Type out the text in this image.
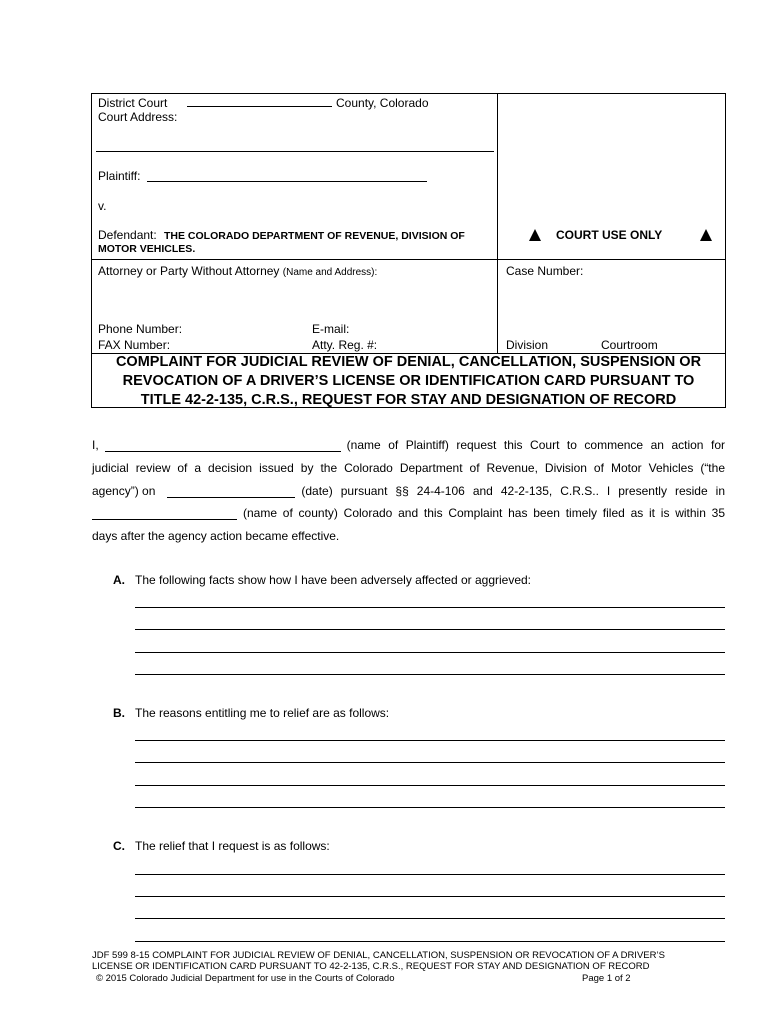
District Court	County, Colorado
Court Address:
Plaintiff:
v.
Defendant: THE COLORADO DEPARTMENT OF REVENUE, DIVISION OF
MOTOR VEHICLES.
COURT USE ONLY
Attorney or Party Without Attorney (Name and Address):	Case Number:
Phone Number:	E-mail:
FAX Number:	Atty. Reg. #:	Division	Courtroom
COMPLAINT FOR JUDICIAL REVIEW OF DENIAL, CANCELLATION, SUSPENSION OR
REVOCATION OF A DRIVER’S LICENSE OR IDENTIFICATION CARD PURSUANT TO
TITLE 42-2-135, C.R.S., REQUEST FOR STAY AND DESIGNATION OF RECORD
I,	(name of Plaintiff) request this Court to commence an action for
judicial review of a decision issued by the Colorado Department of Revenue, Division of Motor Vehicles (“the
agency”) on	(date) pursuant §§ 24-4-106 and 42-2-135, C.R.S.. I presently reside in
(name of county) Colorado and this Complaint has been timely filed as it is within 35
days after the agency action became effective.
A. The following facts show how I have been adversely affected or aggrieved:
B. The reasons entitling me to relief are as follows:
C. The relief that I request is as follows:
JDF 599 8-15 COMPLAINT FOR JUDICIAL REVIEW OF DENIAL, CANCELLATION, SUSPENSION OR REVOCATION OF A DRIVER’S
LICENSE OR IDENTIFICATION CARD PURSUANT TO 42-2-135, C.R.S., REQUEST FOR STAY AND DESIGNATION OF RECORD
© 2015 Colorado Judicial Department for use in the Courts of Colorado	Page 1 of 2
